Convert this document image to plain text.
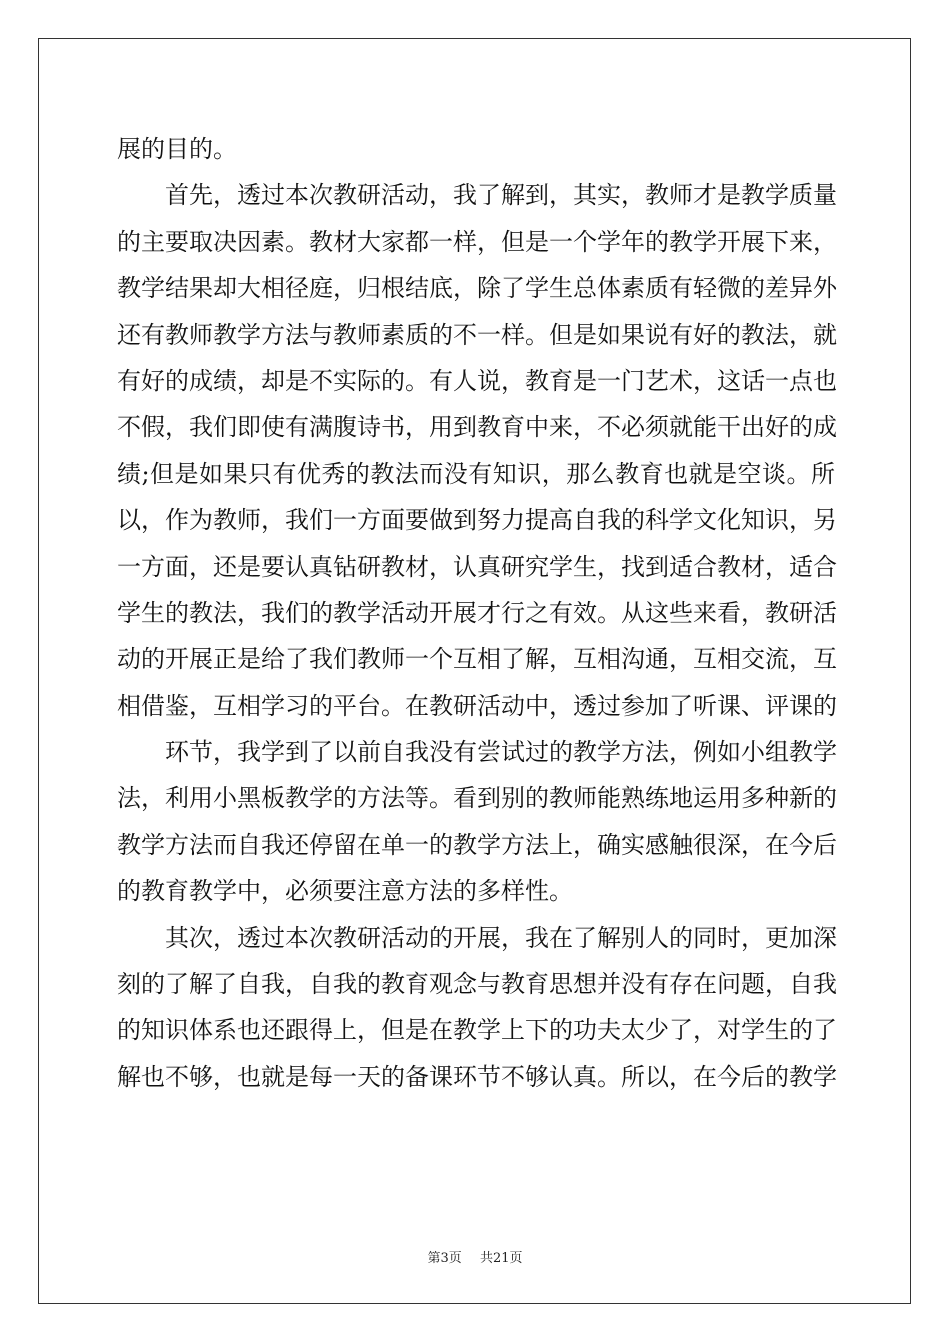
展的目的。
首先，透过本次教研活动，我了解到，其实，教师才是教学质量
的主要取决因素。教材大家都一样，但是一个学年的教学开展下来，
教学结果却大相径庭，归根结底，除了学生总体素质有轻微的差异外
还有教师教学方法与教师素质的不一样。但是如果说有好的教法，就
有好的成绩，却是不实际的。有人说，教育是一门艺术，这话一点也
不假，我们即使有满腹诗书，用到教育中来，不必须就能干出好的成
绩;但是如果只有优秀的教法而没有知识，那么教育也就是空谈。所
以，作为教师，我们一方面要做到努力提高自我的科学文化知识，另
一方面，还是要认真钻研教材，认真研究学生，找到适合教材，适合
学生的教法，我们的教学活动开展才行之有效。从这些来看，教研活
动的开展正是给了我们教师一个互相了解，互相沟通，互相交流，互
相借鉴，互相学习的平台。在教研活动中，透过参加了听课、评课的
环节，我学到了以前自我没有尝试过的教学方法，例如小组教学
法，利用小黑板教学的方法等。看到别的教师能熟练地运用多种新的
教学方法而自我还停留在单一的教学方法上，确实感触很深，在今后
的教育教学中，必须要注意方法的多样性。
其次，透过本次教研活动的开展，我在了解别人的同时，更加深
刻的了解了自我，自我的教育观念与教育思想并没有存在问题，自我
的知识体系也还跟得上，但是在教学上下的功夫太少了，对学生的了
解也不够，也就是每一天的备课环节不够认真。所以，在今后的教学
第3页 共21页
